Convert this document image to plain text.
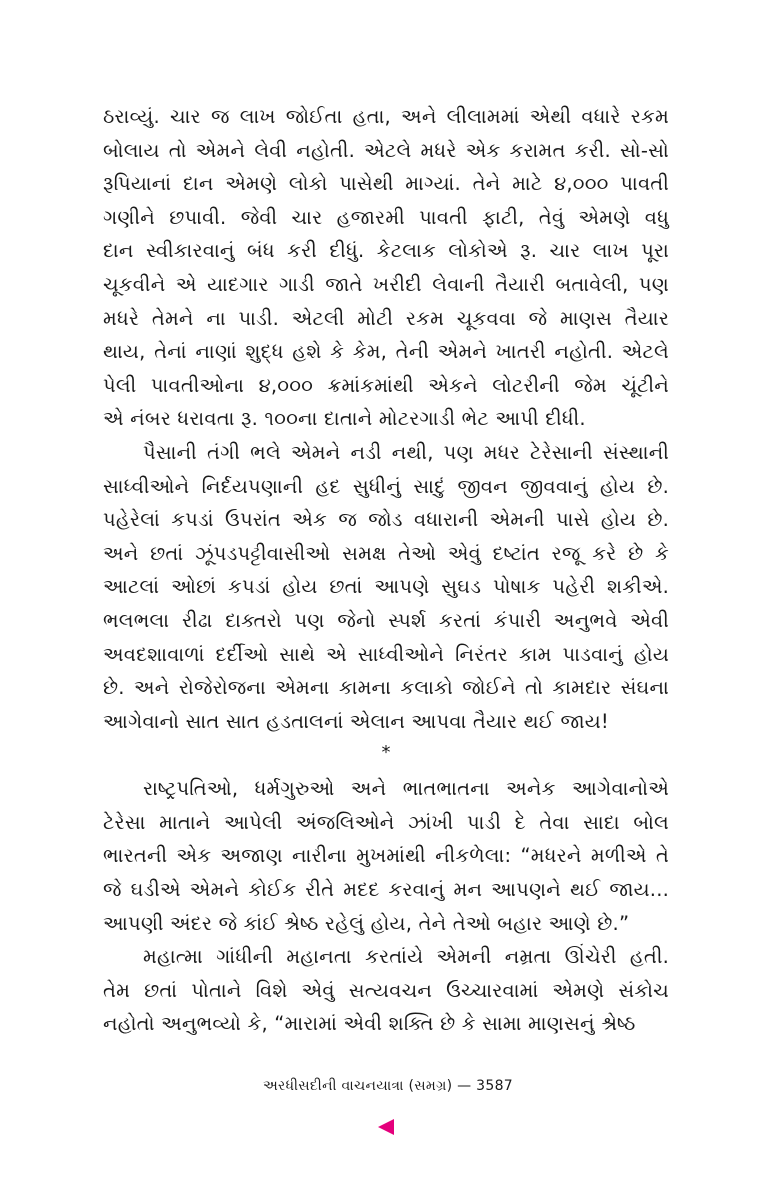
ઠરાવ્યું. ચાર જ લાખ જોઈતા હતા, અને લીલામમાં એથી વધારે રકમ
બોલાય તો એમને લેવી નહોતી. એટલે મધરે એક કરામત કરી. સો-સો
રૂપિયાનાં દાન એમણે લોકો પાસેથી માગ્યાં. તેને માટે ૪,૦૦૦ પાવતી
ગણીને છપાવી. જેવી ચાર હજારમી પાવતી ફાટી, તેવું એમણે વધુ
દાન સ્વીકારવાનું બંધ કરી દીધું. કેટલાક લોકોએ રૂ. ચાર લાખ પૂરા
ચૂકવીને એ યાદગાર ગાડી જાતે ખરીદી લેવાની તૈયારી બતાવેલી, પણ
મધરે તેમને ના પાડી. એટલી મોટી રકમ ચૂકવવા જે માણસ તૈયાર
થાય, તેનાં નાણાં શુદ્ધ હશે કે કેમ, તેની એમને ખાતરી નહોતી. એટલે
પેલી પાવતીઓના ૪,૦૦૦ ક્રમાંકમાંથી એકને લોટરીની જેમ ચૂંટીને
એ નંબર ધરાવતા રૂ. ૧૦૦ના દાતાને મોટરગાડી ભેટ આપી દીધી.
પૈસાની તંગી ભલે એમને નડી નથી, પણ મધર ટેરેસાની સંસ્થાની
સાધ્વીઓને નિર્દયપણાની હદ સુધીનું સાદું જીવન જીવવાનું હોય છે.
પહેરેલાં કપડાં ઉપરાંત એક જ જોડ વધારાની એમની પાસે હોય છે.
અને છતાં ઝૂંપડપટ્ટીવાસીઓ સમક્ષ તેઓ એવું દષ્ટાંત રજૂ કરે છે કે
આટલાં ઓછાં કપડાં હોય છતાં આપણે સુઘડ પોષાક પહેરી શકીએ.
ભલભલા રીઢા દાક્તરો પણ જેનો સ્પર્શ કરતાં કંપારી અનુભવે એવી
અવદશાવાળાં દર્દીઓ સાથે એ સાધ્વીઓને નિરંતર કામ પાડવાનું હોય
છે. અને રોજેરોજના એમના કામના કલાકો જોઈને તો કામદાર સંઘના
આગેવાનો સાત સાત હડતાલનાં એલાન આપવા તૈયાર થઈ જાય!
*
રાષ્ટ્રપતિઓ, ધર્મગુરુઓ અને ભાતભાતના અનેક આગેવાનોએ
ટેરેસા માતાને આપેલી અંજલિઓને ઝાંખી પાડી દે તેવા સાદા બોલ
ભારતની એક અજાણ નારીના મુખમાંથી નીકળેલા: “મધરને મળીએ તે
જે ઘડીએ એમને કોઈક રીતે મદદ કરવાનું મન આપણને થઈ જાય...
આપણી અંદર જે કાંઈ શ્રેષ્ઠ રહેલું હોય, તેને તેઓ બહાર આણે છે.”
મહાત્મા ગાંધીની મહાનતા કરતાંયે એમની નમ્રતા ઊંચેરી હતી.
તેમ છતાં પોતાને વિશે એવું સત્યવચન ઉચ્ચારવામાં એમણે સંકોચ
નહોતો અનુભવ્યો કે, “મારામાં એવી શક્તિ છે કે સામા માણસનું શ્રેષ્ઠ
અરધીસદીની વાચનયાત્રા (સમગ્ર) — 3587
